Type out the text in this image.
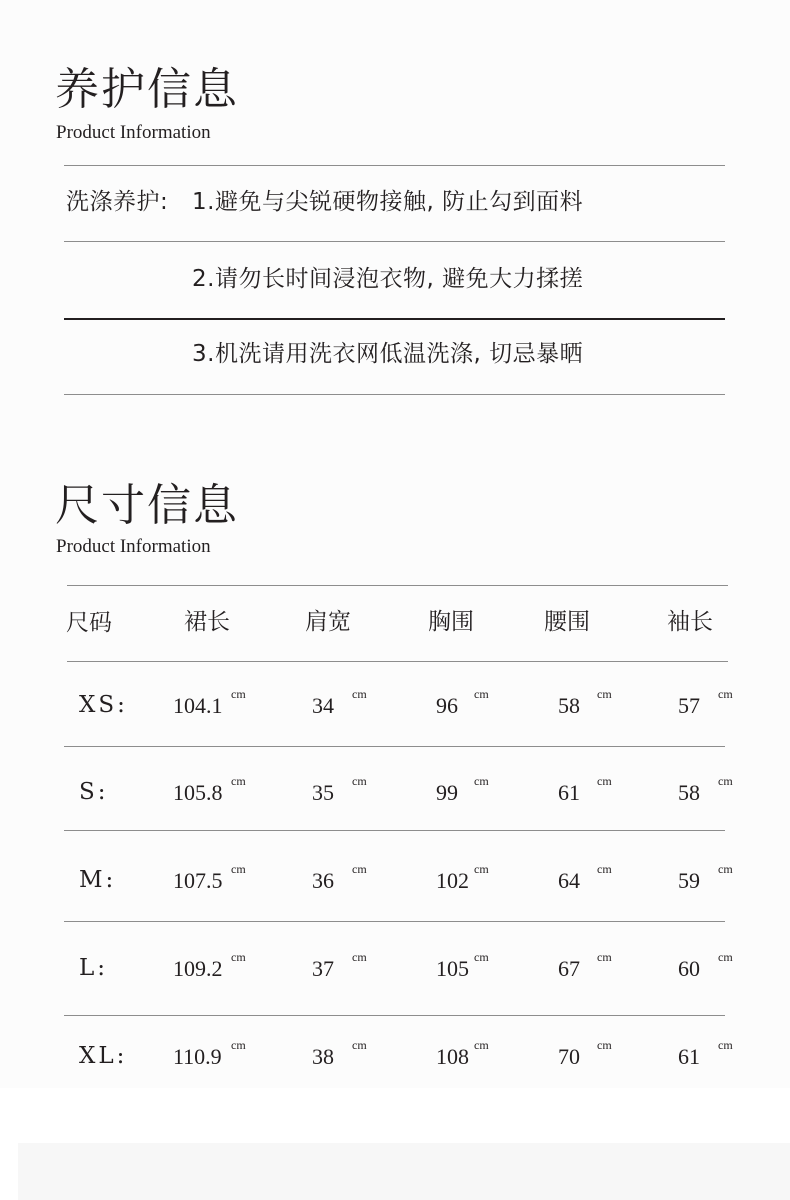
养护信息
Product Information
洗涤养护: 1.避免与尖锐硬物接触, 防止勾到面料
2.请勿长时间浸泡衣物, 避免大力揉搓
3.机洗请用洗衣网低温洗涤, 切忌暴晒
尺寸信息
Product Information
尺码	裙长	肩宽	胸围	腰围	袖长
XS: 104.1 cm	34 cm	96 cm	58 cm	57 cm
S:	105.8 cm	35 cm	99 cm	61 cm	58 cm
M:	107.5 cm	36 cm	102 cm	64 cm	59 cm
L:	109.2 cm	37 cm	105 cm	67 cm	60 cm
XL: 110.9 cm	38 cm	108 cm	70 cm	61 cm
